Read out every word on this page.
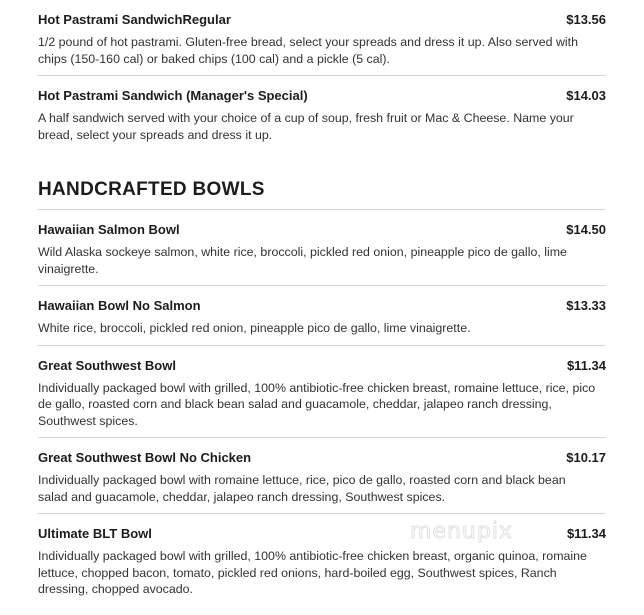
Hot Pastrami SandwichRegular	$13.56
1/2 pound of hot pastrami. Gluten-free bread, select your spreads and dress it up. Also served with chips (150-160 cal) or baked chips (100 cal) and a pickle (5 cal).
Hot Pastrami Sandwich (Manager's Special)	$14.03
A half sandwich served with your choice of a cup of soup, fresh fruit or Mac & Cheese. Name your bread, select your spreads and dress it up.
HANDCRAFTED BOWLS
Hawaiian Salmon Bowl	$14.50
Wild Alaska sockeye salmon, white rice, broccoli, pickled red onion, pineapple pico de gallo, lime vinaigrette.
Hawaiian Bowl No Salmon	$13.33
White rice, broccoli, pickled red onion, pineapple pico de gallo, lime vinaigrette.
Great Southwest Bowl	$11.34
Individually packaged bowl with grilled, 100% antibiotic-free chicken breast, romaine lettuce, rice, pico de gallo, roasted corn and black bean salad and guacamole, cheddar, jalapeo ranch dressing, Southwest spices.
Great Southwest Bowl No Chicken	$10.17
Individually packaged bowl with romaine lettuce, rice, pico de gallo, roasted corn and black bean salad and guacamole, cheddar, jalapeo ranch dressing, Southwest spices.
Ultimate BLT Bowl	$11.34
Individually packaged bowl with grilled, 100% antibiotic-free chicken breast, organic quinoa, romaine lettuce, chopped bacon, tomato, pickled red onions, hard-boiled egg, Southwest spices, Ranch dressing, chopped avocado.
menupix
